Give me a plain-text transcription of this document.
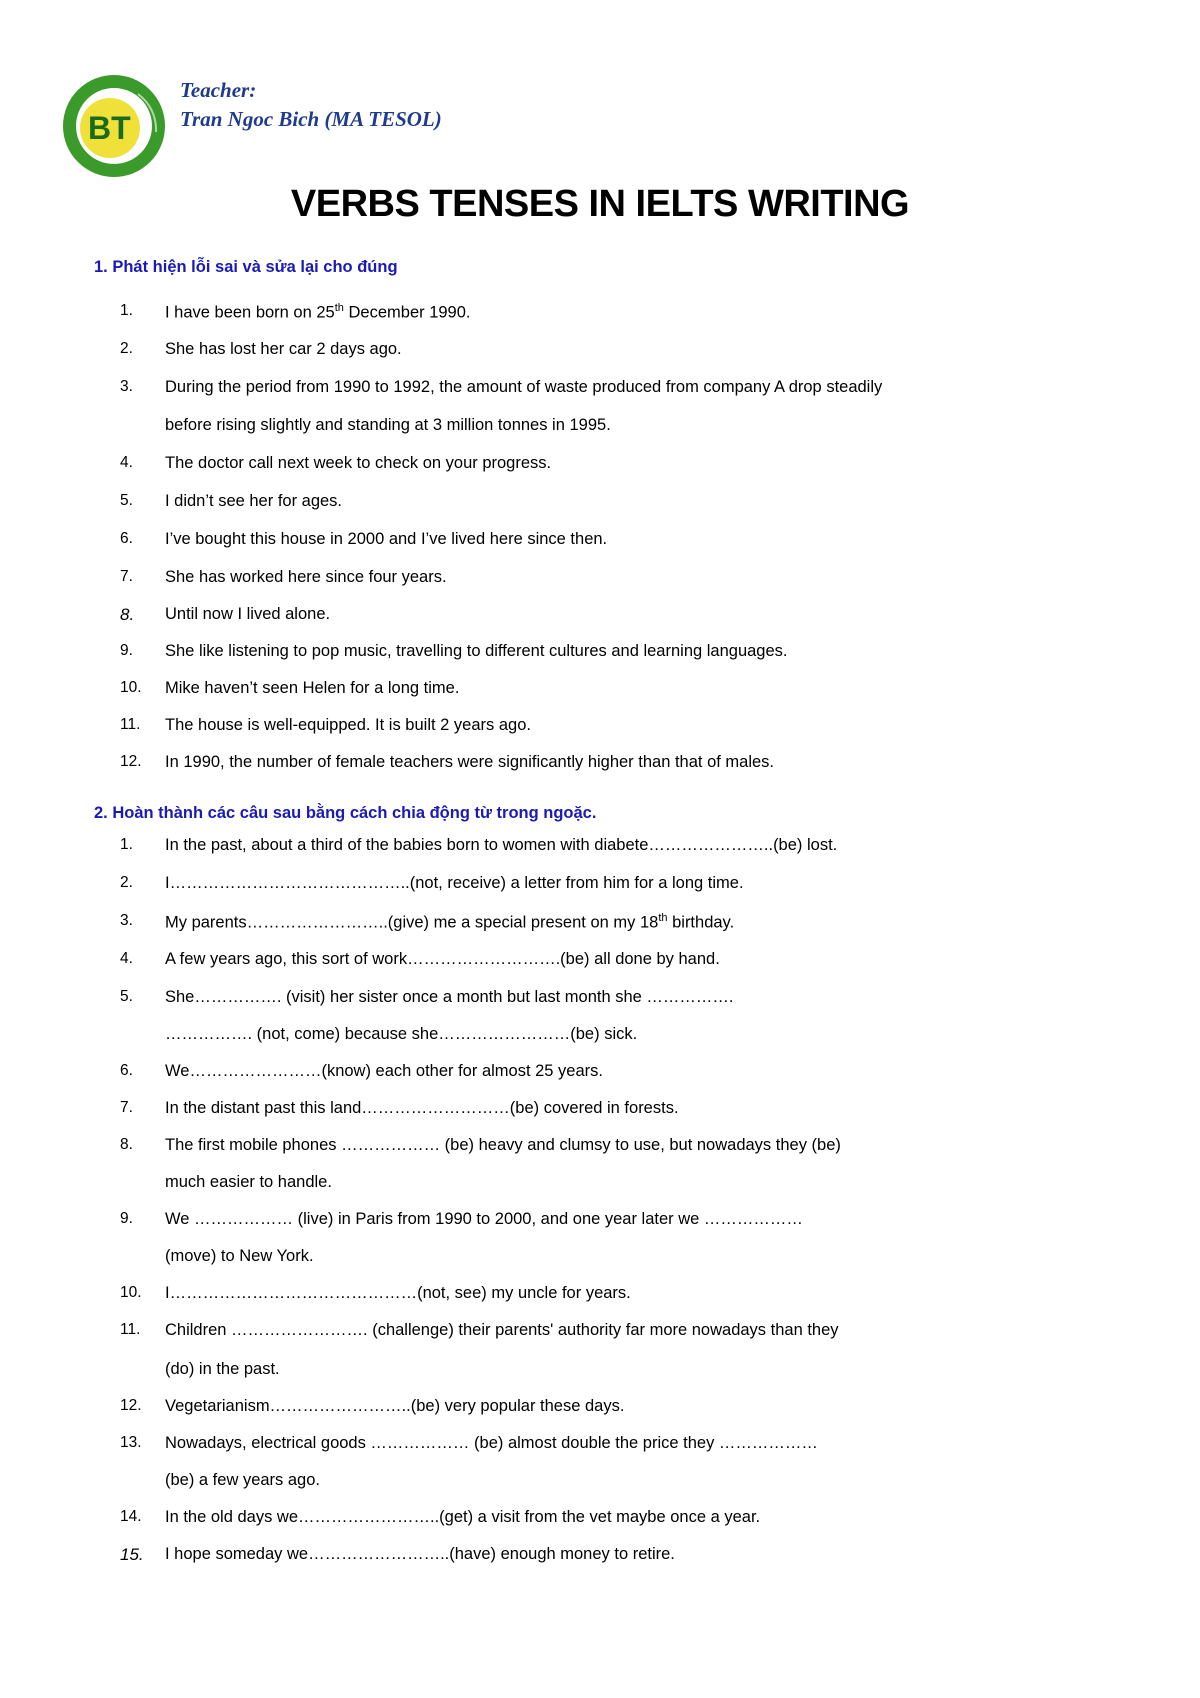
BT
Teacher:
Tran Ngoc Bich (MA TESOL)
VERBS TENSES IN IELTS WRITING
1. Phát hiện lỗi sai và sửa lại cho đúng
1.	I have been born on 25th December 1990.
2.	She has lost her car 2 days ago.
3.	During the period from 1990 to 1992, the amount of waste produced from company A drop steadily
before rising slightly and standing at 3 million tonnes in 1995.
4.	The doctor call next week to check on your progress.
5.	I didn’t see her for ages.
6.	I’ve bought this house in 2000 and I’ve lived here since then.
7.	She has worked here since four years.
8.	Until now I lived alone.
9.	She like listening to pop music, travelling to different cultures and learning languages.
10.	Mike haven’t seen Helen for a long time.
11.	The house is well-equipped. It is built 2 years ago.
12.	In 1990, the number of female teachers were significantly higher than that of males.
2. Hoàn thành các câu sau bằng cách chia động từ trong ngoặc.
1.	In the past, about a third of the babies born to women with diabete…………………..(be) lost.
2.	I……………………………………..(not, receive) a letter from him for a long time.
3.	My parents……………………..(give) me a special present on my 18th birthday.
4.	A few years ago, this sort of work……………………….(be) all done by hand.
5.	She……………. (visit) her sister once a month but last month she …………….
……………. (not, come) because she……………………(be) sick.
6.	We……………………(know) each other for almost 25 years.
7.	In the distant past this land………………………(be) covered in forests.
8.	The first mobile phones ……………… (be) heavy and clumsy to use, but nowadays they (be)
much easier to handle.
9.	We ……………… (live) in Paris from 1990 to 2000, and one year later we ………………
(move) to New York.
10.	I………………………………………(not, see) my uncle for years.
11.	Children ……………………. (challenge) their parents' authority far more nowadays than they
(do) in the past.
12.	Vegetarianism……………………..(be) very popular these days.
13.	Nowadays, electrical goods ……………… (be) almost double the price they ………………
(be) a few years ago.
14.	In the old days we……………………..(get) a visit from the vet maybe once a year.
15.	I hope someday we……………………..(have) enough money to retire.
